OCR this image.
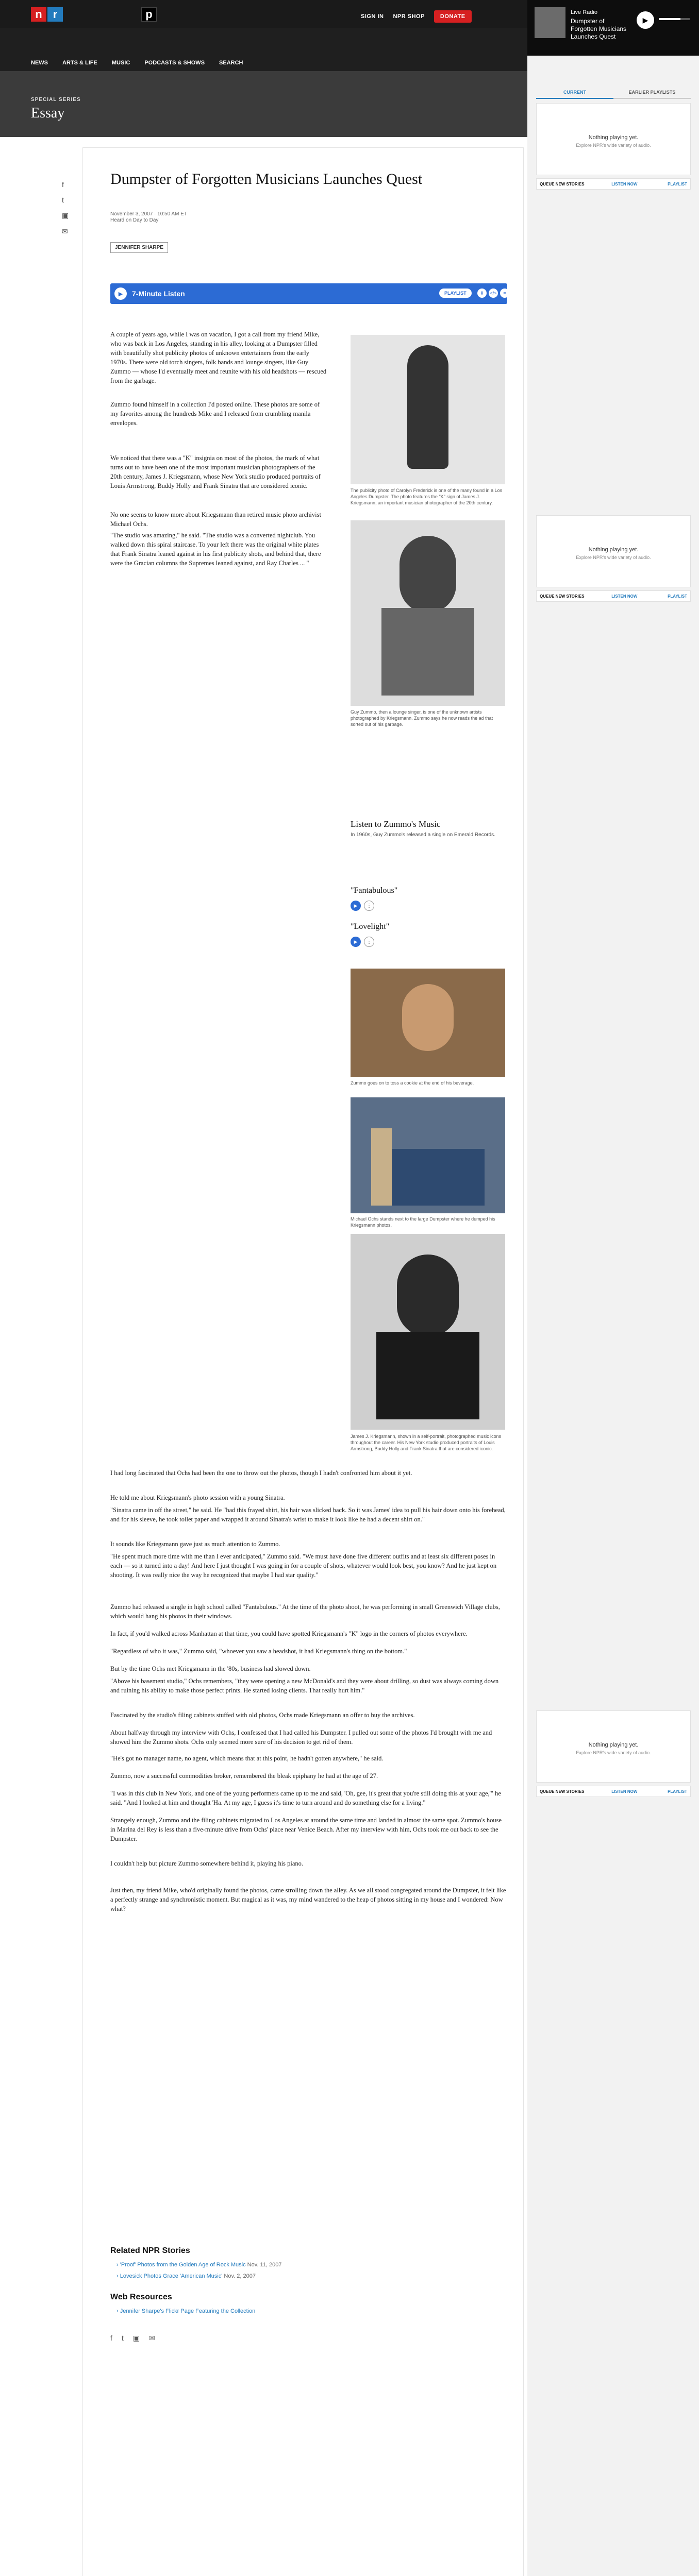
n	p
r	SIGN IN NPR SHOP	DONATE
NEWS	ARTS & LIFE	MUSIC	PODCASTS & SHOWS	SEARCH
Live Radio
Dumpster of Forgotten Musicians Launches Quest
▶
SPECIAL SERIES
Essay
CURRENT	EARLIER PLAYLISTS
Nothing playing yet.
Explore NPR's wide variety of audio.
QUEUE NEW STORIES	LISTEN NOW	PLAYLIST
Nothing playing yet.
Explore NPR's wide variety of audio.
QUEUE NEW STORIES	LISTEN NOW	PLAYLIST
Nothing playing yet.
Explore NPR's wide variety of audio.
QUEUE NEW STORIES	LISTEN NOW	PLAYLIST
f
t
▣
✉
Dumpster of Forgotten Musicians Launches Quest
November 3, 2007 · 10:50 AM ET
Heard on Day to Day
JENNIFER SHARPE
▶	7-Minute Listen	PLAYLIST	⬇	</>	≡
A couple of years ago, while I was on vacation, I got a call from my friend Mike, who was back in Los Angeles, standing in his alley, looking at a Dumpster filled with beautifully shot publicity photos of unknown entertainers from the early 1970s. There were old torch singers, folk bands and lounge singers, like Guy Zummo — whose I'd eventually meet and reunite with his old headshots — rescued from the garbage.
Zummo found himself in a collection I'd posted online. These photos are some of my favorites among the hundreds Mike and I released from crumbling manila envelopes.
We noticed that there was a "K" insignia on most of the photos, the mark of what turns out to have been one of the most important musician photographers of the 20th century, James J. Kriegsmann, whose New York studio produced portraits of Louis Armstrong, Buddy Holly and Frank Sinatra that are considered iconic.
No one seems to know more about Kriegsmann than retired music photo archivist Michael Ochs.
"The studio was amazing," he said. "The studio was a converted nightclub. You walked down this spiral staircase. To your left there was the original white plates that Frank Sinatra leaned against in his first publicity shots, and behind that, there were the Gracian columns the Supremes leaned against, and Ray Charles ... "
The publicity photo of Carolyn Frederick is one of the many found in a Los Angeles Dumpster. The photo features the "K" sign of James J. Kriegsmann, an important musician photographer of the 20th century.
Guy Zummo, then a lounge singer, is one of the unknown artists photographed by Kriegsmann. Zummo says he now reads the ad that sorted out of his garbage.
Listen to Zummo's Music
In 1960s, Guy Zummo's released a single on Emerald Records.
"Fantabulous"
▶	⋮
"Lovelight"
▶	⋮
Zummo goes on to toss a cookie at the end of his beverage.
Michael Ochs stands next to the large Dumpster where he dumped his Kriegsmann photos.
James J. Kriegsmann, shown in a self-portrait, photographed music icons throughout the career. His New York studio produced portraits of Louis Armstrong, Buddy Holly and Frank Sinatra that are considered iconic.
I had long fascinated that Ochs had been the one to throw out the photos, though I hadn't confronted him about it yet.
He told me about Kriegsmann's photo session with a young Sinatra.
"Sinatra came in off the street," he said. He "had this frayed shirt, his hair was slicked back. So it was James' idea to pull his hair down onto his forehead, and for his sleeve, he took toilet paper and wrapped it around Sinatra's wrist to make it look like he had a decent shirt on."
It sounds like Kriegsmann gave just as much attention to Zummo.
"He spent much more time with me than I ever anticipated," Zummo said. "We must have done five different outfits and at least six different poses in each — so it turned into a day! And here I just thought I was going in for a couple of shots, whatever would look best, you know? And he just kept on shooting. It was really nice the way he recognized that maybe I had star quality."
Zummo had released a single in high school called "Fantabulous." At the time of the photo shoot, he was performing in small Greenwich Village clubs, which would hang his photos in their windows.
In fact, if you'd walked across Manhattan at that time, you could have spotted Kriegsmann's "K" logo in the corners of photos everywhere.
"Regardless of who it was," Zummo said, "whoever you saw a headshot, it had Kriegsmann's thing on the bottom."
But by the time Ochs met Kriegsmann in the '80s, business had slowed down.
"Above his basement studio," Ochs remembers, "they were opening a new McDonald's and they were about drilling, so dust was always coming down and ruining his ability to make those perfect prints. He started losing clients. That really hurt him."
Fascinated by the studio's filing cabinets stuffed with old photos, Ochs made Kriegsmann an offer to buy the archives.
About halfway through my interview with Ochs, I confessed that I had called his Dumpster. I pulled out some of the photos I'd brought with me and showed him the Zummo shots. Ochs only seemed more sure of his decision to get rid of them.
"He's got no manager name, no agent, which means that at this point, he hadn't gotten anywhere," he said.
Zummo, now a successful commodities broker, remembered the bleak epiphany he had at the age of 27.
"I was in this club in New York, and one of the young performers came up to me and said, 'Oh, gee, it's great that you're still doing this at your age,'" he said. "And I looked at him and thought 'Ha. At my age, I guess it's time to turn around and do something else for a living."
Strangely enough, Zummo and the filing cabinets migrated to Los Angeles at around the same time and landed in almost the same spot. Zummo's house in Marina del Rey is less than a five-minute drive from Ochs' place near Venice Beach. After my interview with him, Ochs took me out back to see the Dumpster.
I couldn't help but picture Zummo somewhere behind it, playing his piano.
Just then, my friend Mike, who'd originally found the photos, came strolling down the alley. As we all stood congregated around the Dumpster, it felt like a perfectly strange and synchronistic moment. But magical as it was, my mind wandered to the heap of photos sitting in my house and I wondered: Now what?
Related NPR Stories
› 'Proof' Photos from the Golden Age of Rock Music Nov. 11, 2007
› Lovesick Photos Grace 'American Music' Nov. 2, 2007
Web Resources
› Jennifer Sharpe's Flickr Page Featuring the Collection
f t ▣ ✉
